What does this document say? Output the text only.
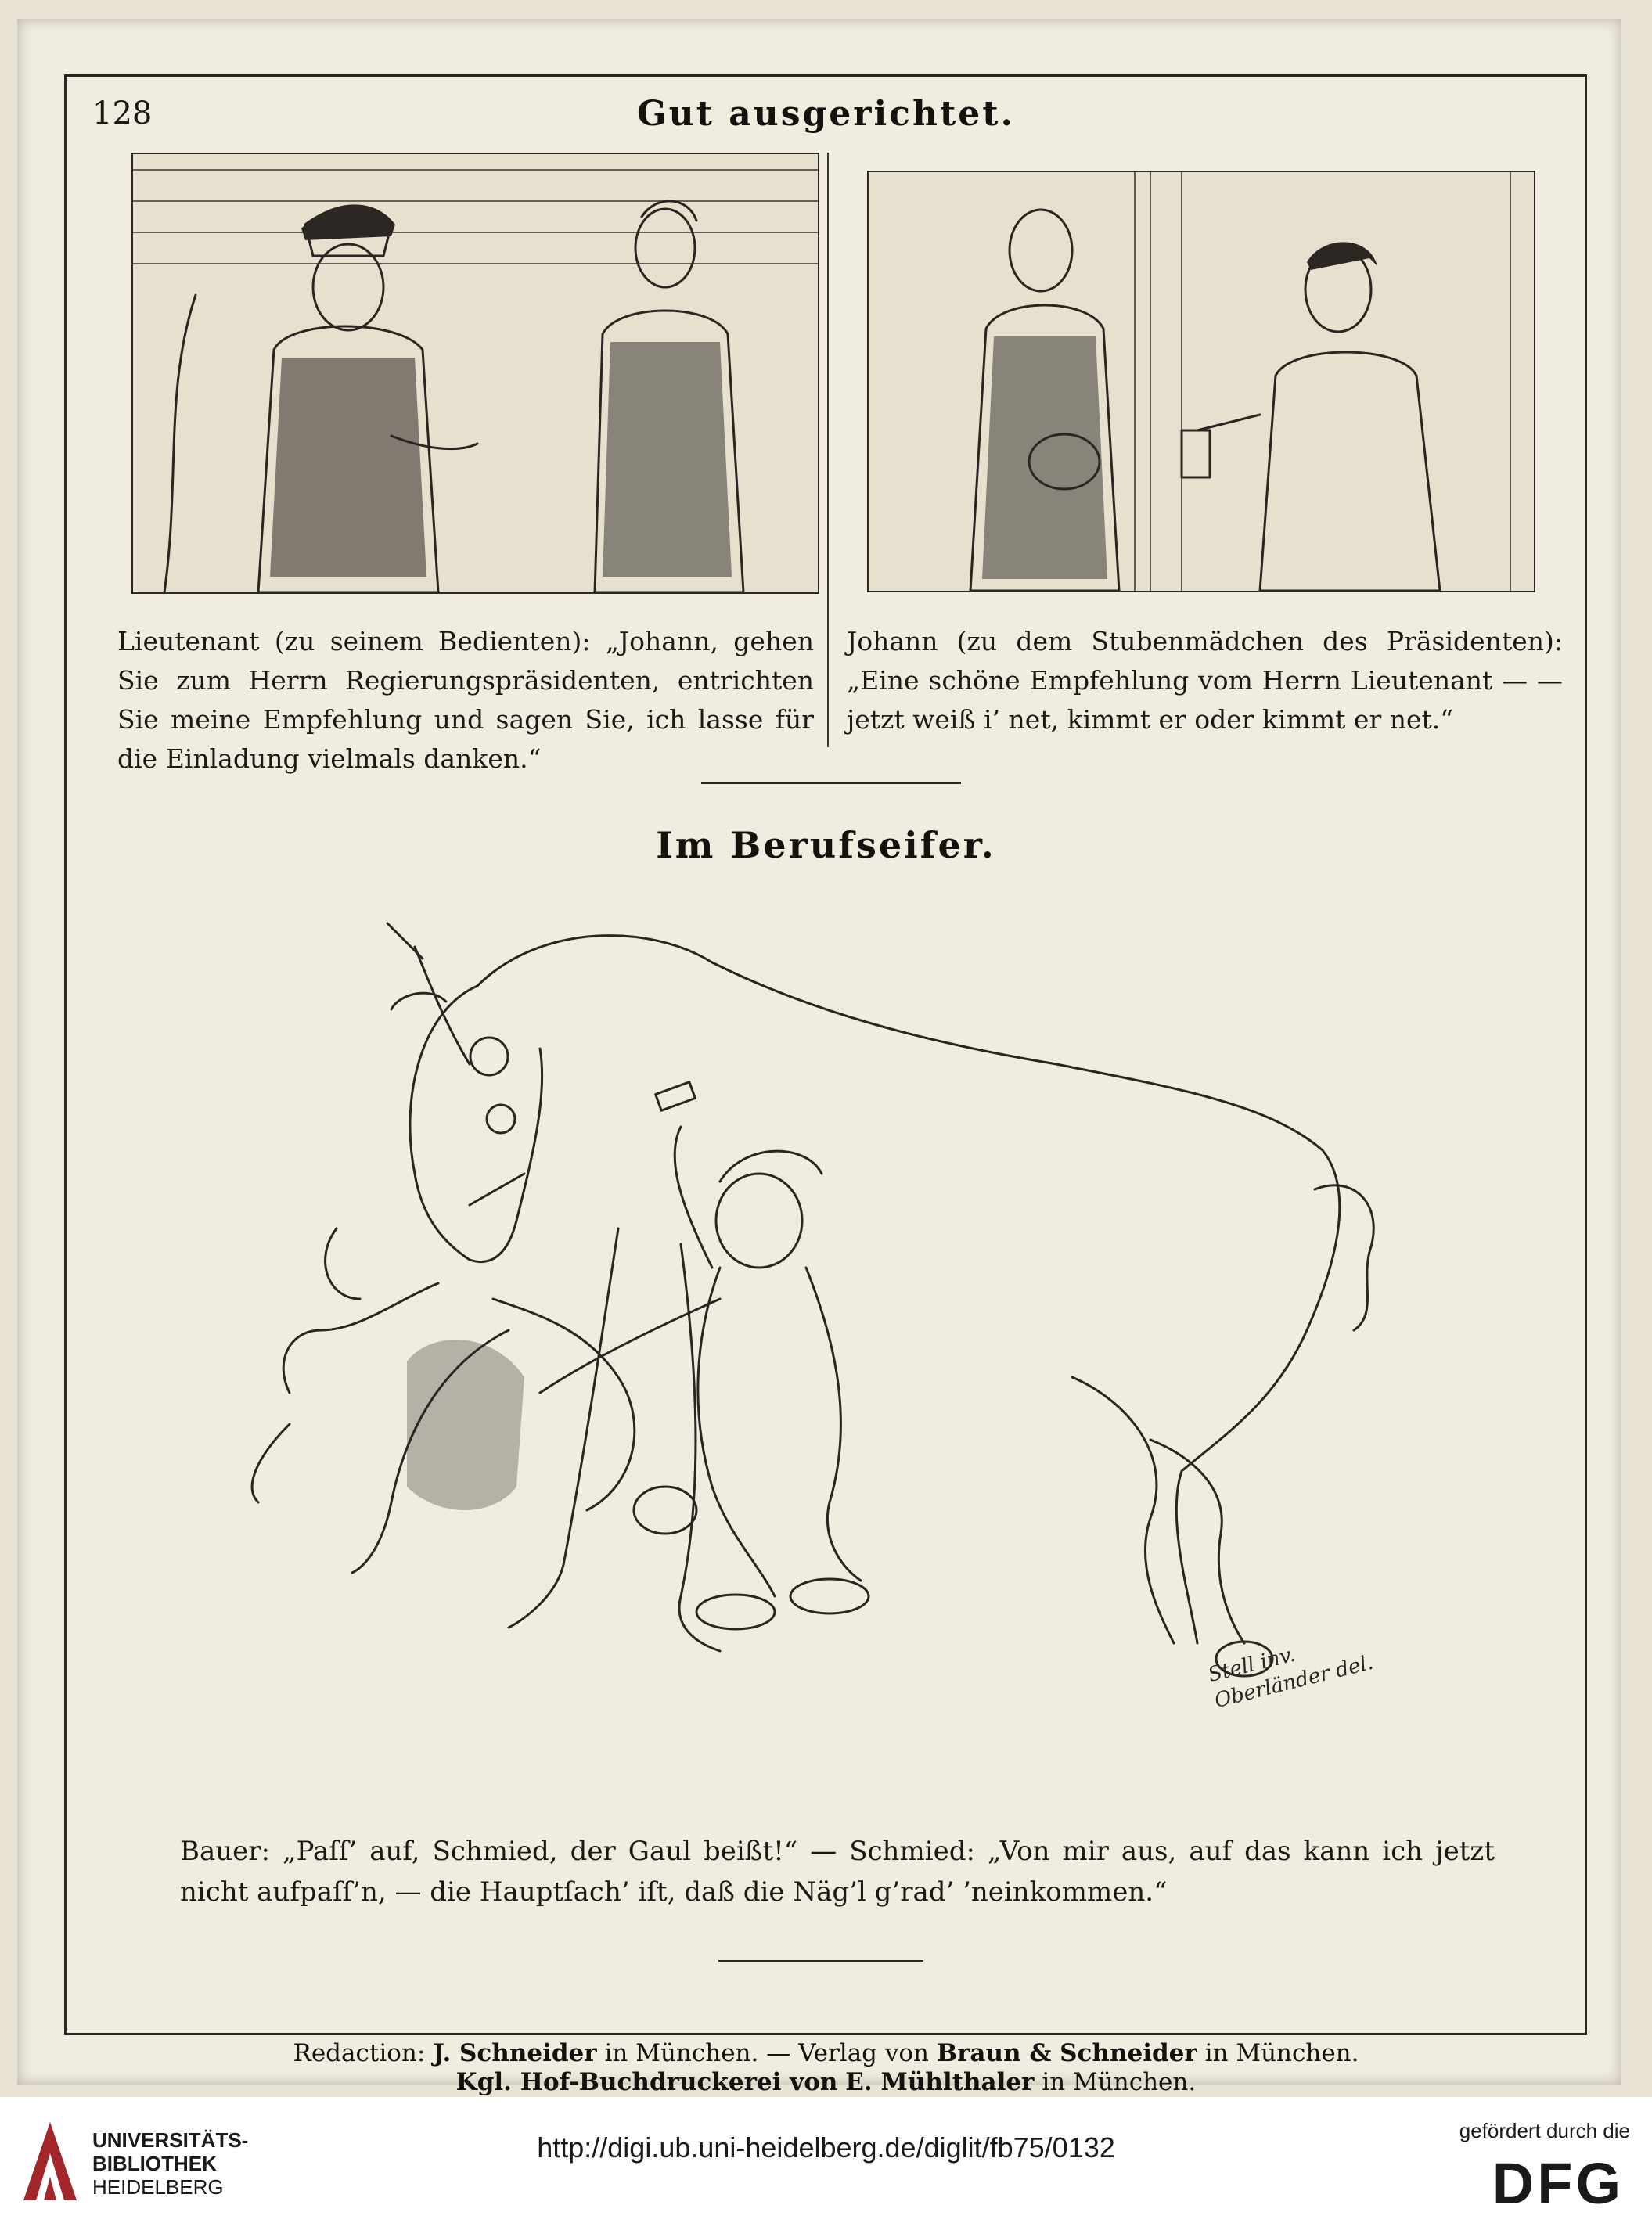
128	Gut ausgerichtet.
Lieutenant (zu seinem Bedienten): „Johann, gehen Sie zum Herrn Regierungspräsidenten, entrichten Sie meine Empfehlung und sagen Sie, ich lasse für die Einladung vielmals danken.“
Johann (zu dem Stubenmädchen des Präsidenten): „Eine schöne Empfehlung vom Herrn Lieutenant — — jetzt weiß i’ net, kimmt er oder kimmt er net.“
Im Berufseifer.
Stell inv. Oberländer del.
Bauer: „Paſſ’ auf, Schmied, der Gaul beißt!“ — Schmied: „Von mir aus, auf das kann ich jetzt nicht aufpaſſ’n, — die Hauptſach’ iſt, daß die Näg’l g’rad’ ’neinkommen.“
Redaction: J. Schneider in München. — Verlag von Braun & Schneider in München.
Kgl. Hof-Buchdruckerei von E. Mühlthaler in München.
UNIVERSITÄTS-
BIBLIOTHEK
HEIDELBERG
http://digi.ub.uni-heidelberg.de/diglit/fb75/0132
gefördert durch die
DFG
